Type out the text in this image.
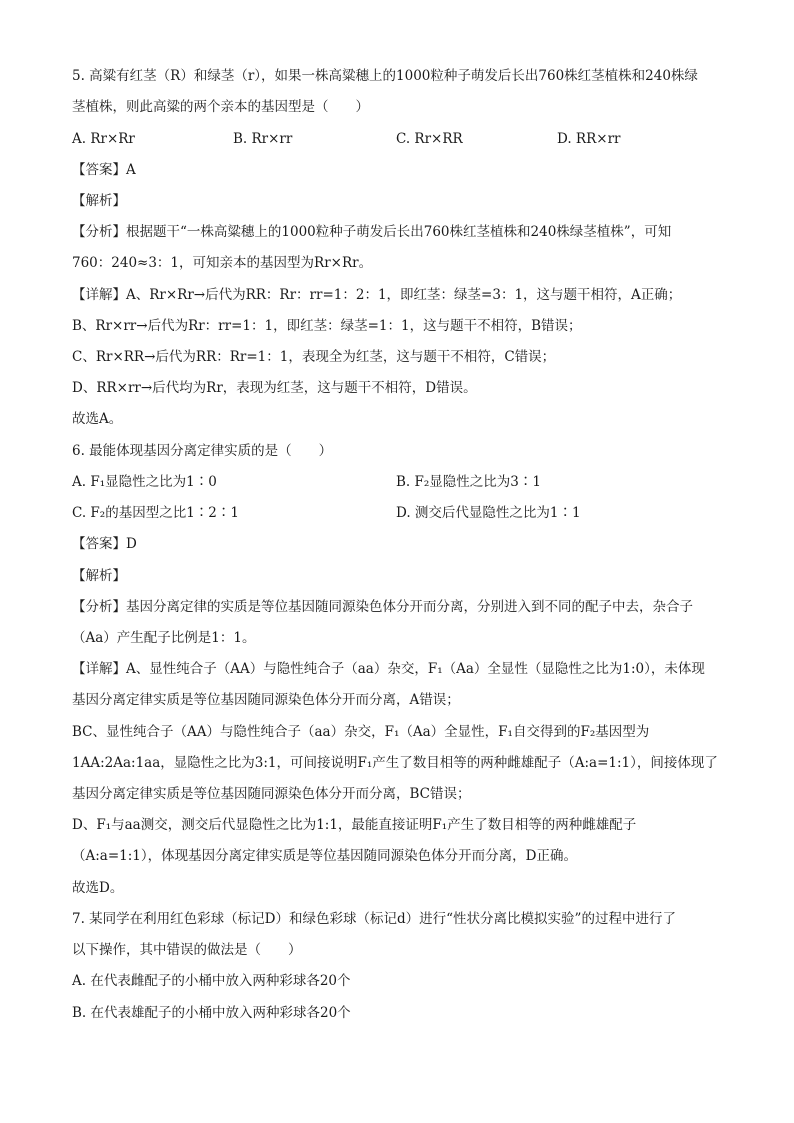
5. 高粱有红茎（R）和绿茎（r），如果一株高粱穗上的1000粒种子萌发后长出760株红茎植株和240株绿
茎植株，则此高粱的两个亲本的基因型是（　　）
A. Rr×Rr	B. Rr×rr	C. Rr×RR	D. RR×rr
【答案】A
【解析】
【分析】根据题干“一株高粱穗上的1000粒种子萌发后长出760株红茎植株和240株绿茎植株”，可知
760：240≈3：1，可知亲本的基因型为Rr×Rr。
【详解】A、Rr×Rr→后代为RR：Rr：rr=1：2：1，即红茎：绿茎=3：1，这与题干相符，A正确；
B、Rr×rr→后代为Rr：rr=1：1，即红茎：绿茎=1：1，这与题干不相符，B错误；
C、Rr×RR→后代为RR：Rr=1：1，表现全为红茎，这与题干不相符，C错误；
D、RR×rr→后代均为Rr，表现为红茎，这与题干不相符，D错误。
故选A。
6. 最能体现基因分离定律实质的是（　　）
A. F₁显隐性之比为1∶0	B. F₂显隐性之比为3∶1
C. F₂的基因型之比1∶2∶1	D. 测交后代显隐性之比为1∶1
【答案】D
【解析】
【分析】基因分离定律的实质是等位基因随同源染色体分开而分离，分别进入到不同的配子中去，杂合子
（Aa）产生配子比例是1：1。
【详解】A、显性纯合子（AA）与隐性纯合子（aa）杂交，F₁（Aa）全显性（显隐性之比为1:0），未体现
基因分离定律实质是等位基因随同源染色体分开而分离，A错误；
BC、显性纯合子（AA）与隐性纯合子（aa）杂交，F₁（Aa）全显性，F₁自交得到的F₂基因型为
1AA:2Aa:1aa，显隐性之比为3:1，可间接说明F₁产生了数目相等的两种雌雄配子（A:a=1:1），间接体现了
基因分离定律实质是等位基因随同源染色体分开而分离，BC错误；
D、F₁与aa测交，测交后代显隐性之比为1:1，最能直接证明F₁产生了数目相等的两种雌雄配子
（A:a=1:1），体现基因分离定律实质是等位基因随同源染色体分开而分离，D正确。
故选D。
7. 某同学在利用红色彩球（标记D）和绿色彩球（标记d）进行“性状分离比模拟实验”的过程中进行了
以下操作，其中错误的做法是（　　）
A. 在代表雌配子的小桶中放入两种彩球各20个
B. 在代表雄配子的小桶中放入两种彩球各20个
